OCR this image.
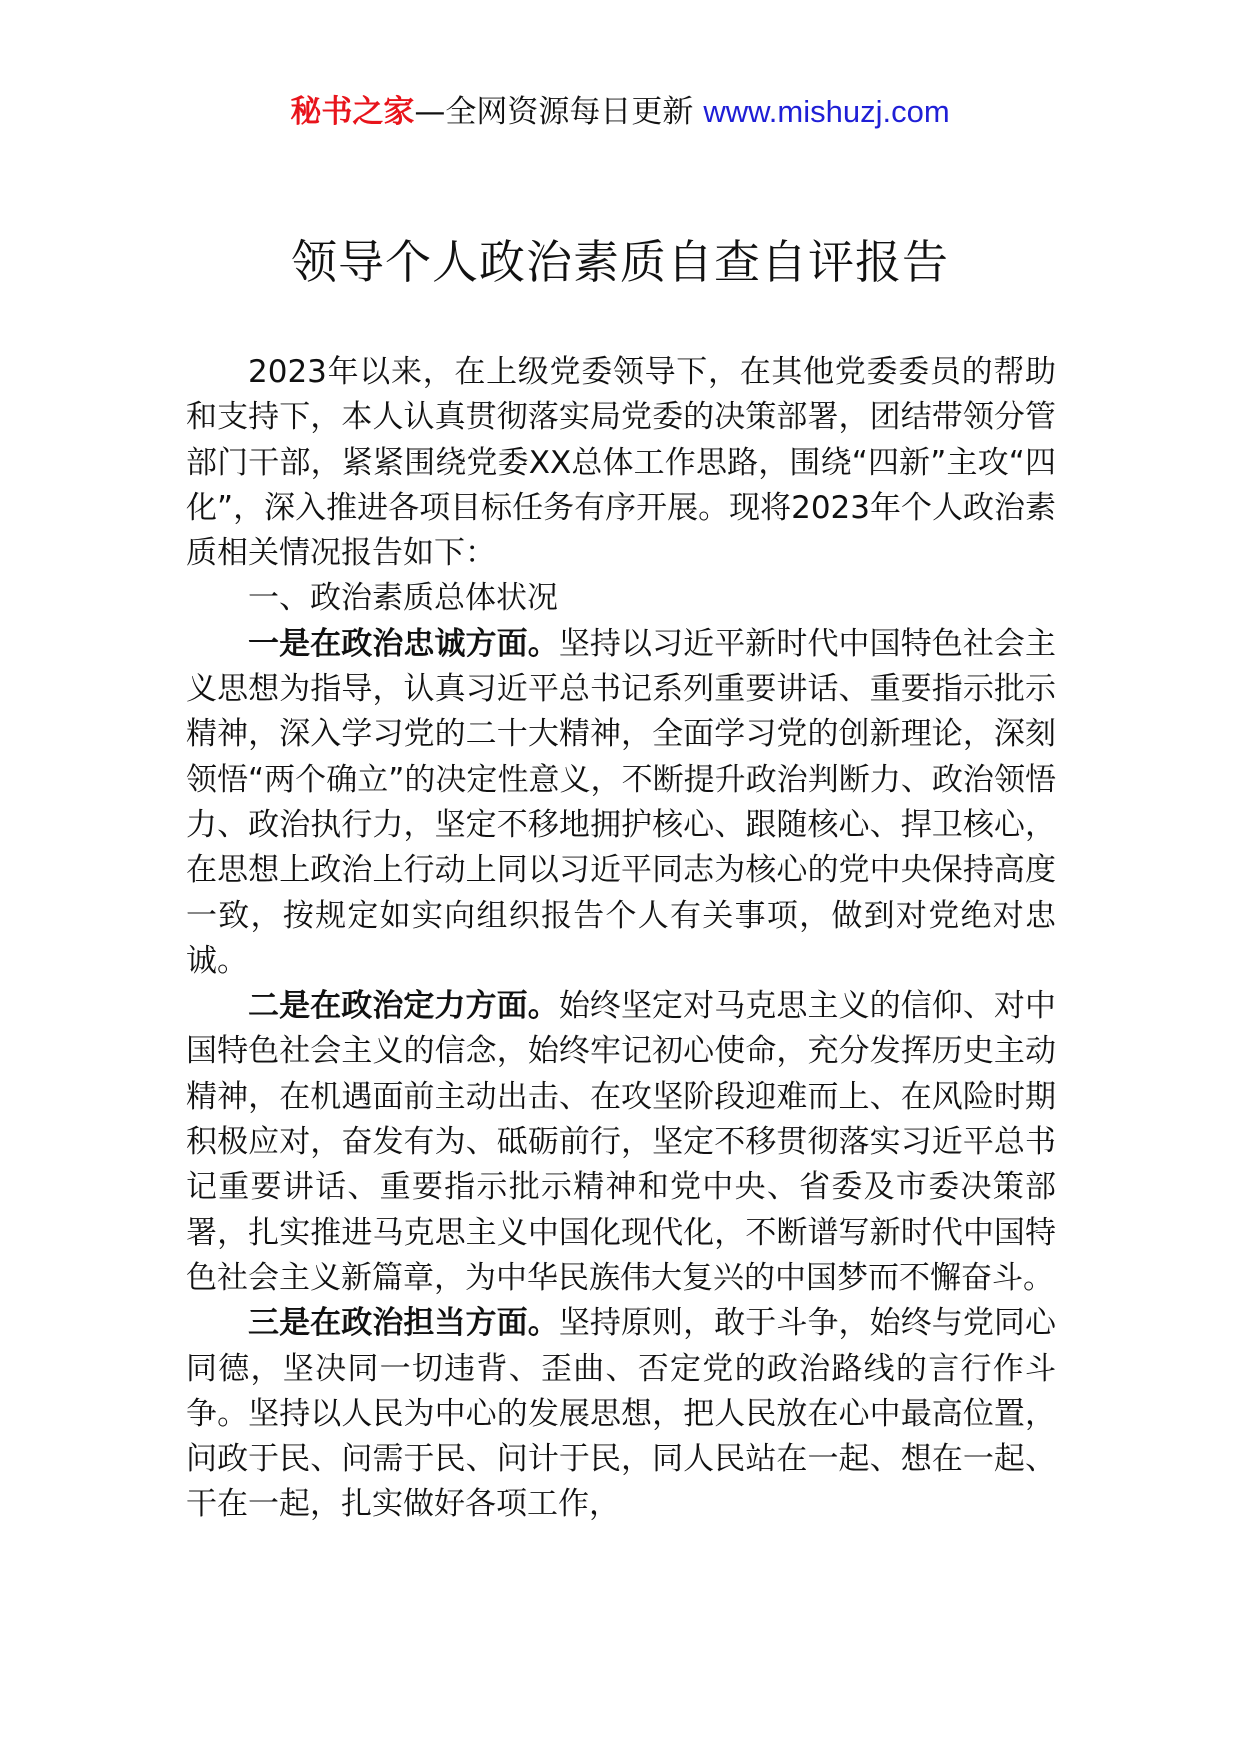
秘书之家—全网资源每日更新 www.mishuzj.com
领导个人政治素质自查自评报告

2023年以来，在上级党委领导下，在其他党委委员的帮助和支持下，本人认真贯彻落实局党委的决策部署，团结带领分管部门干部，紧紧围绕党委XX总体工作思路，围绕“四新”主攻“四化”，深入推进各项目标任务有序开展。现将2023年个人政治素质相关情况报告如下：

一、政治素质总体状况

一是在政治忠诚方面。坚持以习近平新时代中国特色社会主义思想为指导，认真习近平总书记系列重要讲话、重要指示批示精神，深入学习党的二十大精神，全面学习党的创新理论，深刻领悟“两个确立”的决定性意义，不断提升政治判断力、政治领悟力、政治执行力，坚定不移地拥护核心、跟随核心、捍卫核心，在思想上政治上行动上同以习近平同志为核心的党中央保持高度一致，按规定如实向组织报告个人有关事项，做到对党绝对忠诚。

二是在政治定力方面。始终坚定对马克思主义的信仰、对中国特色社会主义的信念，始终牢记初心使命，充分发挥历史主动精神，在机遇面前主动出击、在攻坚阶段迎难而上、在风险时期积极应对，奋发有为、砥砺前行，坚定不移贯彻落实习近平总书记重要讲话、重要指示批示精神和党中央、省委及市委决策部署，扎实推进马克思主义中国化现代化，不断谱写新时代中国特色社会主义新篇章，为中华民族伟大复兴的中国梦而不懈奋斗。

三是在政治担当方面。坚持原则，敢于斗争，始终与党同心同德，坚决同一切违背、歪曲、否定党的政治路线的言行作斗争。坚持以人民为中心的发展思想，把人民放在心中最高位置，问政于民、问需于民、问计于民，同人民站在一起、想在一起、干在一起，扎实做好各项工作，
